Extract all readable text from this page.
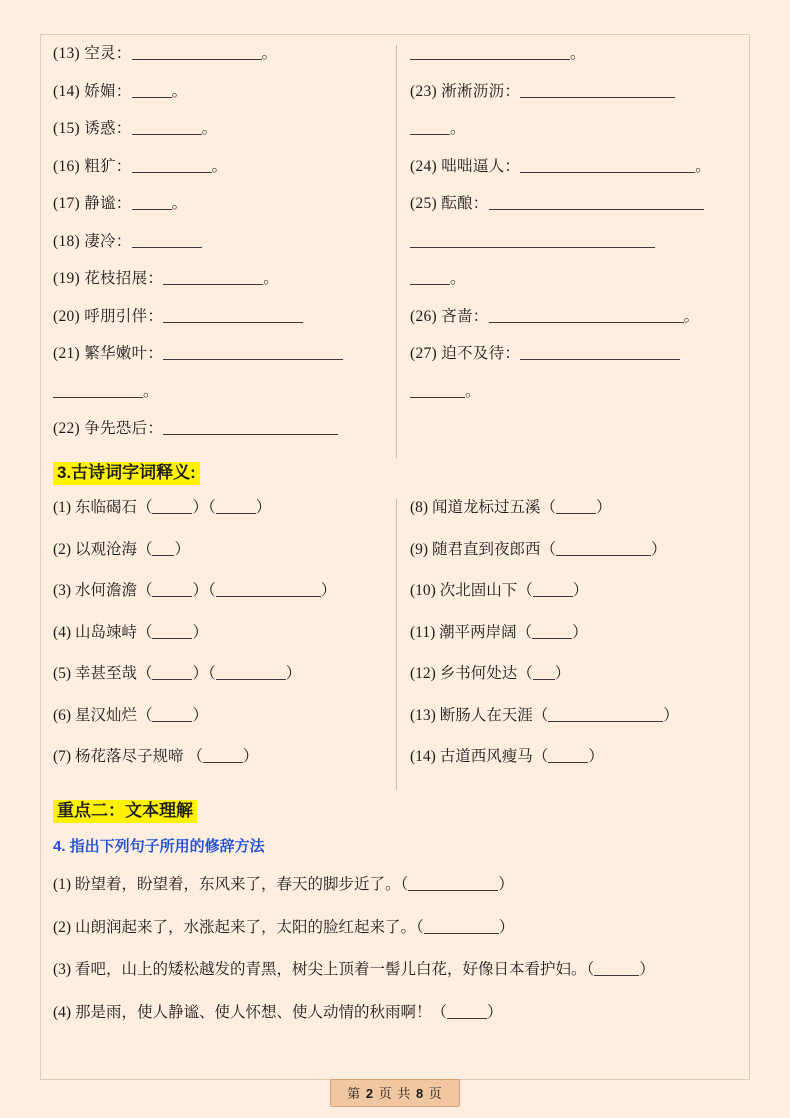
(13) 空灵：	。

(14) 娇媚：	。

(15) 诱惑：	。

(16) 粗犷：	。

(17) 静谧：	。

(18) 凄冷：

(19) 花枝招展：	。

(20) 呼朋引伴：

(21) 繁华嫩叶：

。

(22) 争先恐后：

。

(23) 淅淅沥沥：

。

(24) 咄咄逼人：	。

(25) 酝酿：

。

(26) 吝啬：	。

(27) 迫不及待：

。

3.古诗词字词释义:

(1) 东临碣石（	）（	）

(2) 以观沧海（ ）

(3) 水何澹澹（	）（	）

(4) 山岛竦峙（	）

(5) 幸甚至哉（	）（	）

(6) 星汉灿烂（	）

(7) 杨花落尽子规啼 （	）

(8) 闻道龙标过五溪（	）

(9) 随君直到夜郎西（	）

(10) 次北固山下（	）

(11) 潮平两岸阔（	）

(12) 乡书何处达（ ）

(13) 断肠人在天涯（	）

(14) 古道西风瘦马（	）

重点二：文本理解

4. 指出下列句子所用的修辞方法

(1) 盼望着，盼望着，东风来了，春天的脚步近了。（	）

(2) 山朗润起来了，水涨起来了，太阳的脸红起来了。（	）

(3) 看吧，山上的矮松越发的青黑，树尖上顶着一髻儿白花，好像日本看护妇。（	）

(4) 那是雨，使人静谧、使人怀想、使人动情的秋雨啊！（	）

第 2 页 共 8 页
